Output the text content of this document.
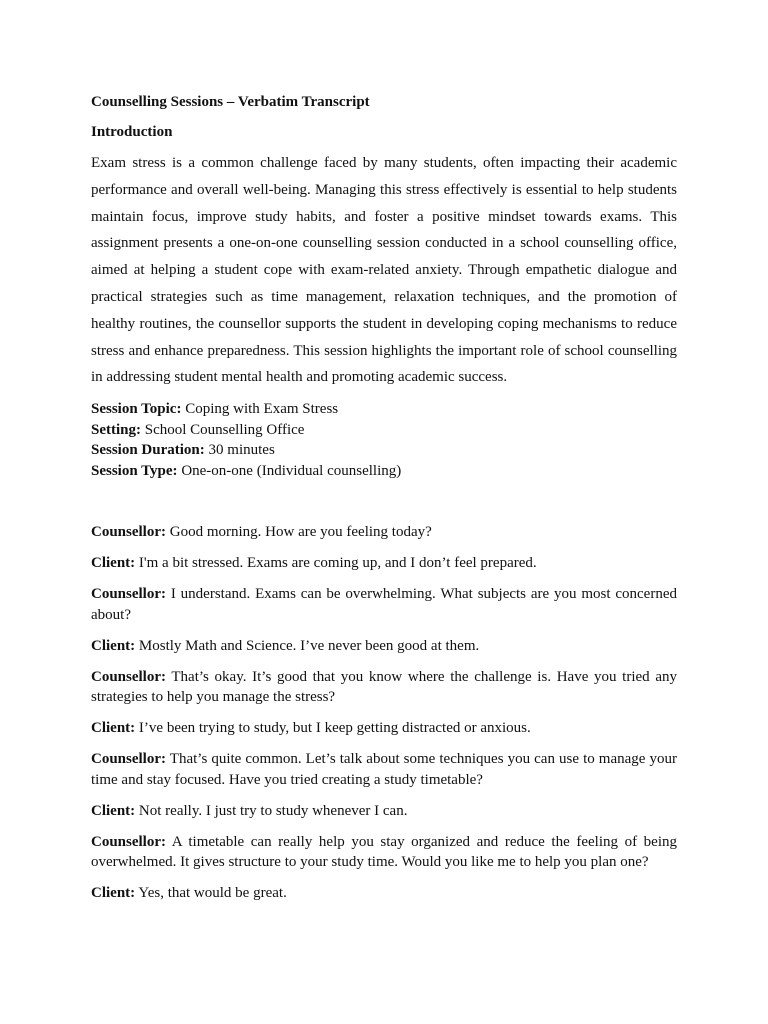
Counselling Sessions – Verbatim Transcript
Introduction

Exam stress is a common challenge faced by many students, often impacting their academic performance and overall well-being. Managing this stress effectively is essential to help students maintain focus, improve study habits, and foster a positive mindset towards exams. This assignment presents a one-on-one counselling session conducted in a school counselling office, aimed at helping a student cope with exam-related anxiety. Through empathetic dialogue and practical strategies such as time management, relaxation techniques, and the promotion of healthy routines, the counsellor supports the student in developing coping mechanisms to reduce stress and enhance preparedness. This session highlights the important role of school counselling in addressing student mental health and promoting academic success.

Session Topic: Coping with Exam Stress
Setting: School Counselling Office
Session Duration: 30 minutes
Session Type: One-on-one (Individual counselling)

Counsellor: Good morning. How are you feeling today?

Client: I'm a bit stressed. Exams are coming up, and I don’t feel prepared.

Counsellor: I understand. Exams can be overwhelming. What subjects are you most concerned about?

Client: Mostly Math and Science. I’ve never been good at them.

Counsellor: That’s okay. It’s good that you know where the challenge is. Have you tried any strategies to help you manage the stress?

Client: I’ve been trying to study, but I keep getting distracted or anxious.

Counsellor: That’s quite common. Let’s talk about some techniques you can use to manage your time and stay focused. Have you tried creating a study timetable?

Client: Not really. I just try to study whenever I can.

Counsellor: A timetable can really help you stay organized and reduce the feeling of being overwhelmed. It gives structure to your study time. Would you like me to help you plan one?

Client: Yes, that would be great.
